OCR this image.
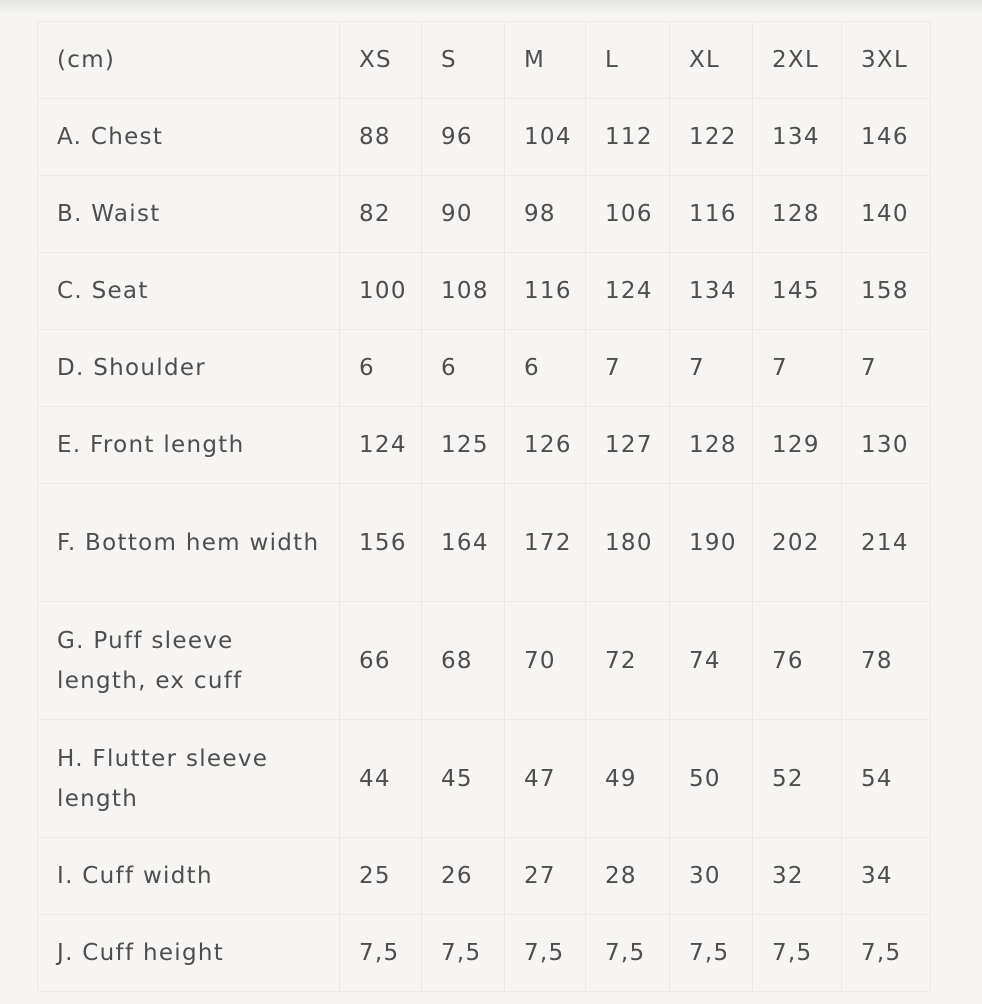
(cm)	XS	S	M	L	XL	2XL	3XL
A. Chest	88	96	104	112	122	134	146
B. Waist	82	90	98	106	116	128	140
C. Seat	100	108	116	124	134	145	158
D. Shoulder	6	6	6	7	7	7	7
E. Front length	124	125	126	127	128	129	130
F. Bottom hem width	156	164	172	180	190	202	214
G. Puff sleeve length, ex cuff	66	68	70	72	74	76	78
H. Flutter sleeve length	44	45	47	49	50	52	54
I. Cuff width	25	26	27	28	30	32	34
J. Cuff height	7,5	7,5	7,5	7,5	7,5	7,5	7,5
